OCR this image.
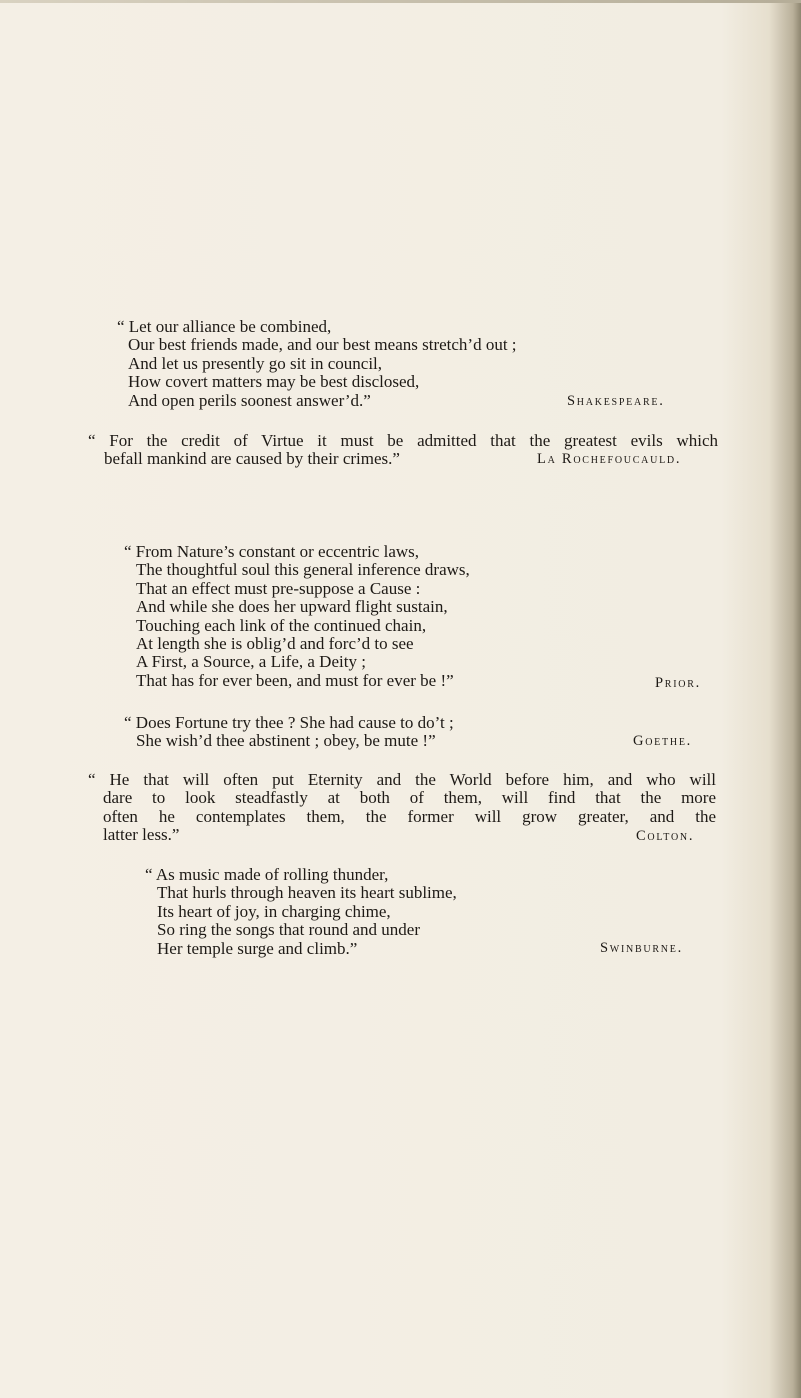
“ Let our alliance be combined,
Our best friends made, and our best means stretch’d out ;
And let us presently go sit in council,
How covert matters may be best disclosed,
And open perils soonest answer’d.”	Shakespeare.
“ For the credit of Virtue it must be admitted that the greatest evils which
befall mankind are caused by their crimes.”	La Rochefoucauld.
“ From Nature’s constant or eccentric laws,
The thoughtful soul this general inference draws,
That an effect must pre-suppose a Cause :
And while she does her upward flight sustain,
Touching each link of the continued chain,
At length she is oblig’d and forc’d to see
A First, a Source, a Life, a Deity ;
That has for ever been, and must for ever be !”	Prior.
“ Does Fortune try thee ? She had cause to do’t ;
She wish’d thee abstinent ; obey, be mute !”	Goethe.
“ He that will often put Eternity and the World before him, and who will
dare to look steadfastly at both of them, will find that the more
often he contemplates them, the former will grow greater, and the
latter less.”	Colton.
“ As music made of rolling thunder,
That hurls through heaven its heart sublime,
Its heart of joy, in charging chime,
So ring the songs that round and under
Her temple surge and climb.”	Swinburne.
